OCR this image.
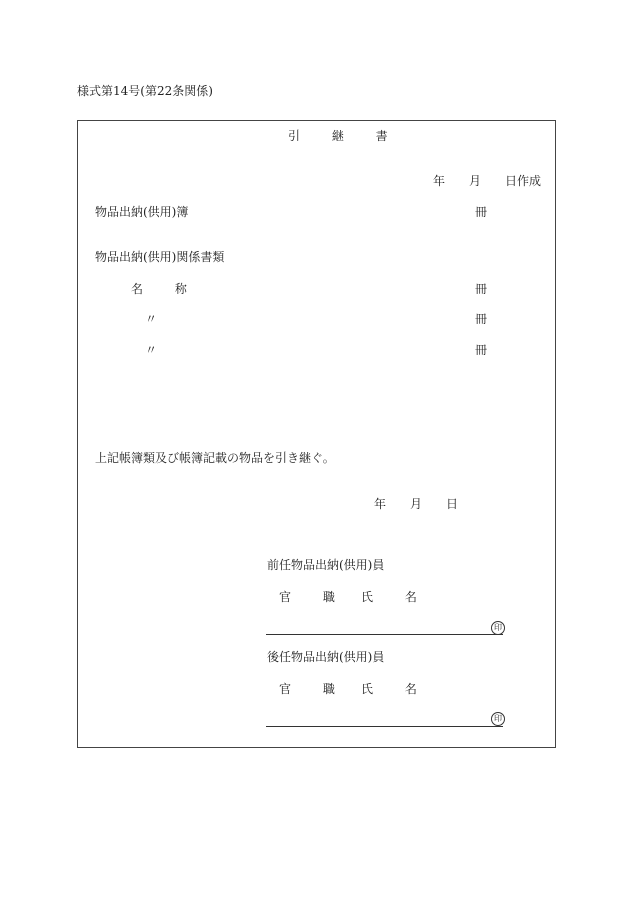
様式第14号(第22条関係)
引 継 書
年 月 日作成
物品出納(供用)簿	冊
物品出納(供用)関係書類
名 称	冊
〃	冊
〃	冊
上記帳簿類及び帳簿記載の物品を引き継ぐ。
年 月 日
前任物品出納(供用)員
官 職 氏 名
印
後任物品出納(供用)員
官 職 氏 名
印
